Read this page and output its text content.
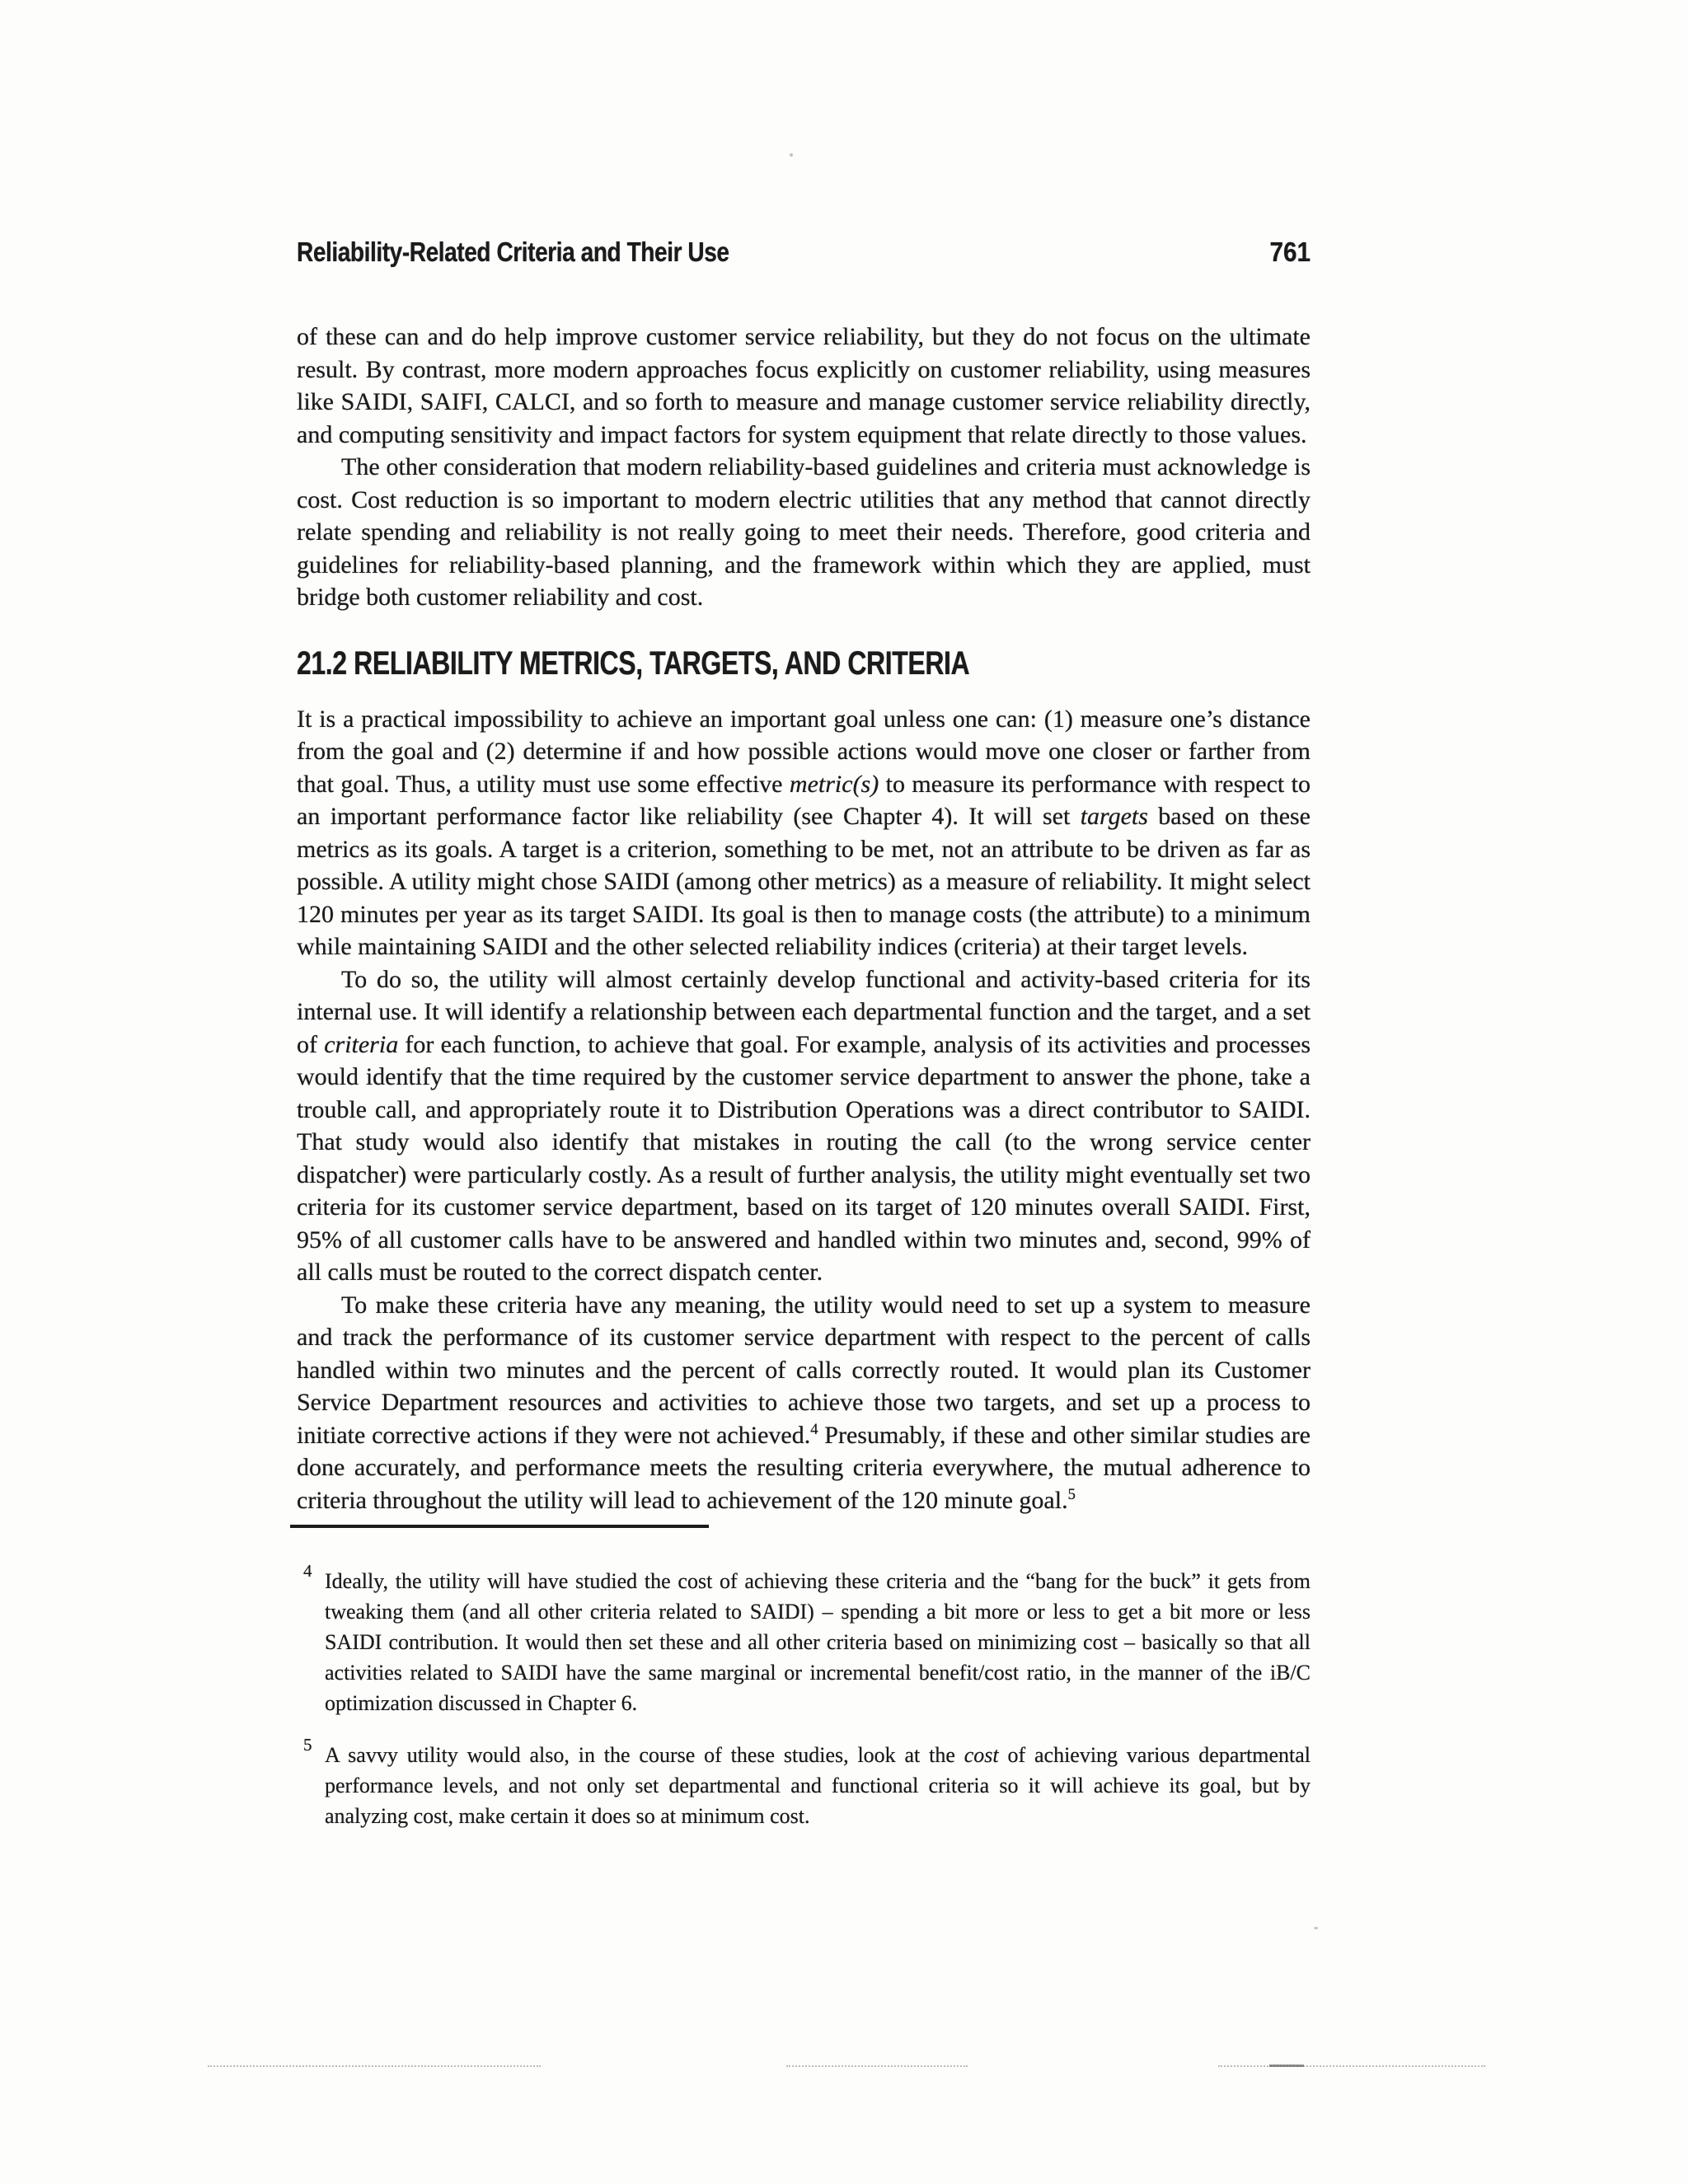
Reliability-Related Criteria and Their Use	761

of these can and do help improve customer service reliability, but they do not focus on the ultimate result. By contrast, more modern approaches focus explicitly on customer reliability, using measures like SAIDI, SAIFI, CALCI, and so forth to measure and manage customer service reliability directly, and computing sensitivity and impact factors for system equipment that relate directly to those values.

The other consideration that modern reliability-based guidelines and criteria must acknowledge is cost. Cost reduction is so important to modern electric utilities that any method that cannot directly relate spending and reliability is not really going to meet their needs. Therefore, good criteria and guidelines for reliability-based planning, and the framework within which they are applied, must bridge both customer reliability and cost.

21.2 RELIABILITY METRICS, TARGETS, AND CRITERIA

It is a practical impossibility to achieve an important goal unless one can: (1) measure one’s distance from the goal and (2) determine if and how possible actions would move one closer or farther from that goal. Thus, a utility must use some effective metric(s) to measure its performance with respect to an important performance factor like reliability (see Chapter 4). It will set targets based on these metrics as its goals. A target is a criterion, something to be met, not an attribute to be driven as far as possible. A utility might chose SAIDI (among other metrics) as a measure of reliability. It might select 120 minutes per year as its target SAIDI. Its goal is then to manage costs (the attribute) to a minimum while maintaining SAIDI and the other selected reliability indices (criteria) at their target levels.

To do so, the utility will almost certainly develop functional and activity-based criteria for its internal use. It will identify a relationship between each departmental function and the target, and a set of criteria for each function, to achieve that goal. For example, analysis of its activities and processes would identify that the time required by the customer service department to answer the phone, take a trouble call, and appropriately route it to Distribution Operations was a direct contributor to SAIDI. That study would also identify that mistakes in routing the call (to the wrong service center dispatcher) were particularly costly. As a result of further analysis, the utility might eventually set two criteria for its customer service department, based on its target of 120 minutes overall SAIDI. First, 95% of all customer calls have to be answered and handled within two minutes and, second, 99% of all calls must be routed to the correct dispatch center.

To make these criteria have any meaning, the utility would need to set up a system to measure and track the performance of its customer service department with respect to the percent of calls handled within two minutes and the percent of calls correctly routed. It would plan its Customer Service Department resources and activities to achieve those two targets, and set up a process to initiate corrective actions if they were not achieved.$^4$ Presumably, if these and other similar studies are done accurately, and performance meets the resulting criteria everywhere, the mutual adherence to criteria throughout the utility will lead to achievement of the 120 minute goal.$^5$

4 Ideally, the utility will have studied the cost of achieving these criteria and the “bang for the buck” it gets from tweaking them (and all other criteria related to SAIDI) – spending a bit more or less to get a bit more or less SAIDI contribution. It would then set these and all other criteria based on minimizing cost – basically so that all activities related to SAIDI have the same marginal or incremental benefit/cost ratio, in the manner of the iB/C optimization discussed in Chapter 6.
5 A savvy utility would also, in the course of these studies, look at the cost of achieving various departmental performance levels, and not only set departmental and functional criteria so it will achieve its goal, but by analyzing cost, make certain it does so at minimum cost.
